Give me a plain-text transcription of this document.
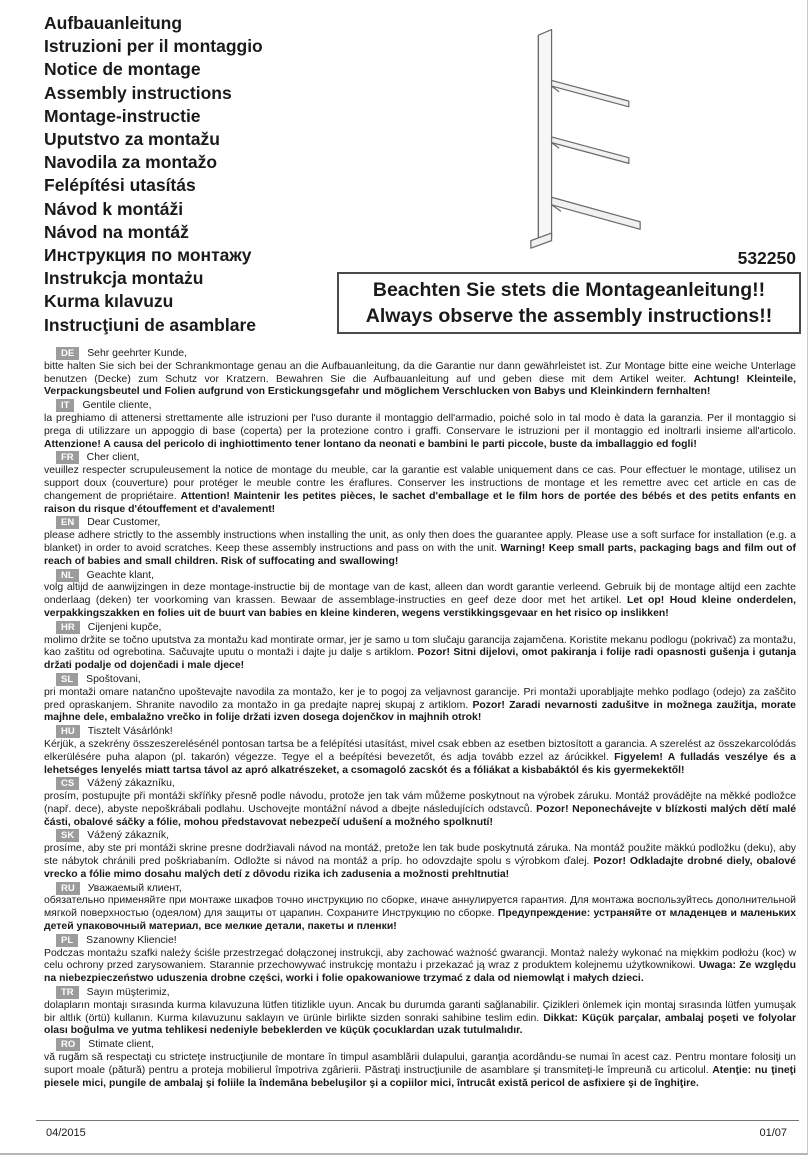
Aufbauanleitung
Istruzioni per il montaggio
Notice de montage
Assembly instructions
Montage-instructie
Uputstvo za montažu
Navodila za montažo
Felépítési utasítás
Návod k montáži
Návod na montáž
Инструкция по монтажу
Instrukcja montażu
Kurma kılavuzu
Instrucţiuni de asamblare
532250
Beachten Sie stets die Montageanleitung!!
Always observe the assembly instructions!!

DE Sehr geehrter Kunde,
bitte halten Sie sich bei der Schrankmontage genau an die Aufbauanleitung, da die Garantie nur dann gewährleistet ist. Zur Montage bitte eine weiche Unterlage benutzen (Decke) zum Schutz vor Kratzern. Bewahren Sie die Aufbauanleitung auf und geben diese mit dem Artikel weiter. Achtung! Kleinteile, Verpackungsbeutel und Folien aufgrund von Erstickungsgefahr und möglichem Verschlucken von Babys und Kleinkindern fernhalten!

IT Gentile cliente,
la preghiamo di attenersi strettamente alle istruzioni per l'uso durante il montaggio dell'armadio, poiché solo in tal modo è data la garanzia. Per il montaggio si prega di utilizzare un appoggio di base (coperta) per la protezione contro i graffi. Conservare le istruzioni per il montaggio ed inoltrarli insieme all'articolo. Attenzione! A causa del pericolo di inghiottimento tener lontano da neonati e bambini le parti piccole, buste da imballaggio ed fogli!

FR Cher client,
veuillez respecter scrupuleusement la notice de montage du meuble, car la garantie est valable uniquement dans ce cas. Pour effectuer le montage, utilisez un support doux (couverture) pour protéger le meuble contre les éraflures. Conserver les instructions de montage et les remettre avec cet article en cas de changement de propriétaire. Attention! Maintenir les petites pièces, le sachet d'emballage et le film hors de portée des bébés et des petits enfants en raison du risque d'étouffement et d'avalement!

EN Dear Customer,
please adhere strictly to the assembly instructions when installing the unit, as only then does the guarantee apply. Please use a soft surface for installation (e.g. a blanket) in order to avoid scratches. Keep these assembly instructions and pass on with the unit. Warning! Keep small parts, packaging bags and film out of reach of babies and small children. Risk of suffocating and swallowing!

NL Geachte klant,
volg altijd de aanwijzingen in deze montage-instructie bij de montage van de kast, alleen dan wordt garantie verleend. Gebruik bij de montage altijd een zachte onderlaag (deken) ter voorkoming van krassen. Bewaar de assemblage-instructies en geef deze door met het artikel. Let op! Houd kleine onderdelen, verpakkingszakken en folies uit de buurt van babies en kleine kinderen, wegens verstikkingsgevaar en het risico op inslikken!

HR Cijenjeni kupče,
molimo držite se točno uputstva za montažu kad montirate ormar, jer je samo u tom slučaju garancija zajamčena. Koristite mekanu podlogu (pokrivač) za montažu, kao zaštitu od ogrebotina. Sačuvajte uputu o montaži i dajte ju dalje s artiklom. Pozor! Sitni dijelovi, omot pakiranja i folije radi opasnosti gušenja i gutanja držati podalje od dojenčadi i male djece!

SL Spoštovani,
pri montaži omare natančno upoštevajte navodila za montažo, ker je to pogoj za veljavnost garancije. Pri montaži uporabljajte mehko podlago (odejo) za zaščito pred opraskanjem. Shranite navodilo za montažo in ga predajte naprej skupaj z artiklom. Pozor! Zaradi nevarnosti zadušitve in možnega zaužitja, morate majhne dele, embalažno vrečko in folije držati izven dosega dojenčkov in majhnih otrok!

HU Tisztelt Vásárlónk!
Kérjük, a szekrény összeszerelésénél pontosan tartsa be a felépítési utasítást, mivel csak ebben az esetben biztosított a garancia. A szerelést az összekarcolódás elkerülésére puha alapon (pl. takarón) végezze. Tegye el a beépítési bevezetőt, és adja tovább ezzel az árúcikkel. Figyelem! A fulladás veszélye és a lehetséges lenyelés miatt tartsa távol az apró alkatrészeket, a csomagoló zacskót és a fóliákat a kisbabáktól és kis gyermekektől!

CS Vážený zákazníku,
prosím, postupujte při montáži skříňky přesně podle návodu, protože jen tak vám můžeme poskytnout na výrobek záruku. Montáž provádějte na měkké podložce (např. dece), abyste nepoškrábali podlahu. Uschovejte montážní návod a dbejte následujících odstavců. Pozor! Neponechávejte v blízkosti malých dětí malé části, obalové sáčky a fólie, mohou představovat nebezpečí udušení a možného spolknutí!

SK Vážený zákazník,
prosíme, aby ste pri montáži skrine presne dodržiavali návod na montáž, pretože len tak bude poskytnutá záruka. Na montáž použite mäkkú podložku (deku), aby ste nábytok chránili pred poškriabaním. Odložte si návod na montáž a príp. ho odovzdajte spolu s výrobkom ďalej. Pozor! Odkladajte drobné diely, obalové vrecko a fólie mimo dosahu malých detí z dôvodu rizika ich zadusenia a možnosti prehltnutia!

RU Уважаемый клиент,
обязательно применяйте при монтаже шкафов точно инструкцию по сборке, иначе аннулируется гарантия. Для монтажа воспользуйтесь дополнительной мягкой поверхностью (одеялом) для защиты от царапин. Сохраните Инструкцию по сборке. Предупреждение: устраняйте от младенцев и маленьких детей упаковочный материал, все мелкие детали, пакеты и пленки!

PL Szanowny Kliencie!
Podczas montażu szafki należy ściśle przestrzegać dołączonej instrukcji, aby zachować ważność gwarancji. Montaż należy wykonać na miękkim podłożu (koc) w celu ochrony przed zarysowaniem. Starannie przechowywać instrukcję montażu i przekazać ją wraz z produktem kolejnemu użytkownikowi. Uwaga: Ze względu na niebezpieczeństwo uduszenia drobne części, worki i folie opakowaniowe trzymać z dala od niemowląt i małych dzieci.

TR Sayın müşterimiz,
dolapların montajı sırasında kurma kılavuzuna lütfen titizlikle uyun. Ancak bu durumda garanti sağlanabilir. Çizikleri önlemek için montaj sırasında lütfen yumuşak bir altlık (örtü) kullanın. Kurma kılavuzunu saklayın ve ürünle birlikte sizden sonraki sahibine teslim edin. Dikkat: Küçük parçalar, ambalaj poşeti ve folyolar olası boğulma ve yutma tehlikesi nedeniyle bebeklerden ve küçük çocuklardan uzak tutulmalıdır.

RO Stimate client,
vă rugăm să respectaţi cu stricteţe instrucţiunile de montare în timpul asamblării dulapului, garanţia acordându-se numai în acest caz. Pentru montare folosiţi un suport moale (pătură) pentru a proteja mobilierul împotriva zgârierii. Păstraţi instrucţiunile de asamblare şi transmiteţi-le împreună cu articolul. Atenţie: nu ţineţi piesele mici, pungile de ambalaj şi foliile la îndemâna bebeluşilor şi a copiilor mici, întrucât există pericol de asfixiere şi de înghiţire.

04/2015	01/07
